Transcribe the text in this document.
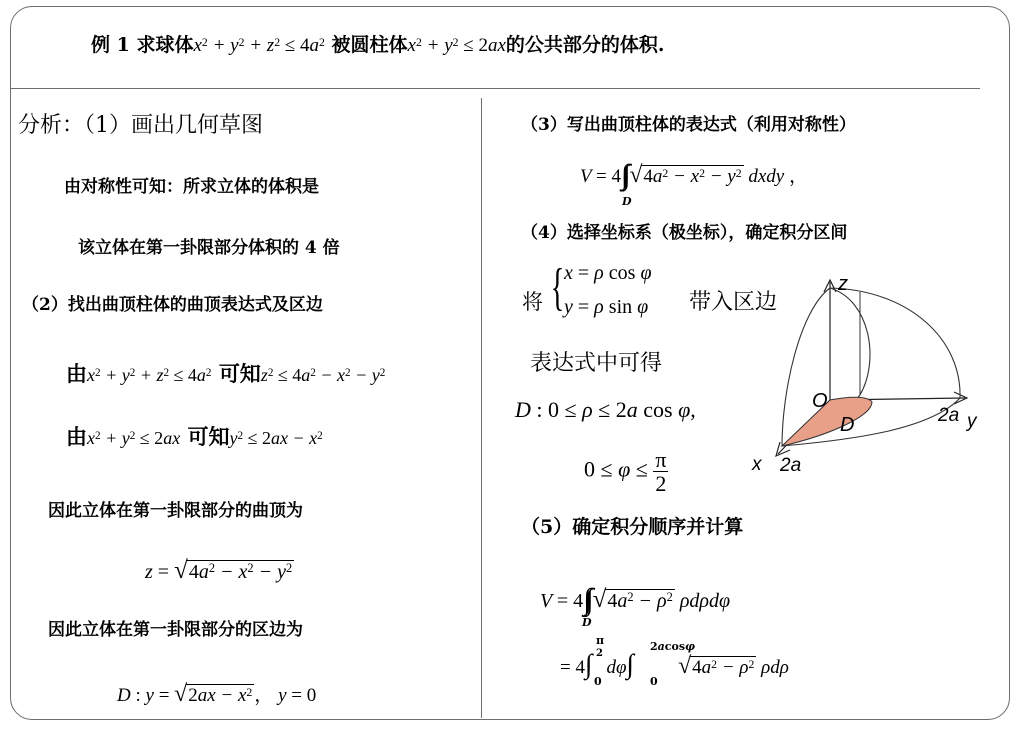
例 1 求球体$x^2 + y^2 + z^2 \le 4a^2$ 被圆柱体$x^2 + y^2 \le 2ax$的公共部分的体积.
分析：（1）画出几何草图
由对称性可知：所求立体的体积是
该立体在第一卦限部分体积的 4 倍
（2）找出曲顶柱体的曲顶表达式及区边
由$x^2 + y^2 + z^2 \le 4a^2$ 可知$z^2 \le 4a^2 - x^2 - y^2$
由$x^2 + y^2 \le 2ax$ 可知$y^2 \le 2ax - x^2$
因此立体在第一卦限部分的曲顶为
$z = √4a^2 - x^2 - y^2$
因此立体在第一卦限部分的区边为
D : $y = √2ax - x^2$ ， y = 0
（3）写出曲顶柱体的表达式（利用对称性）
V = 4∫∫ $√4a^2 - x^2 - y^2$ dxdy ，
D
（4）选择坐标系（极坐标），确定积分区间
将 { x = ρ cos φ
y = ρ sin φ 带入区边
表达式中可得
D : 0 ≤ ρ ≤ 2a cos φ,
$0 \le \varphi \le \frac{\pi}{2}$
（5）确定积分顺序并计算
V = 4∫∫ $√4a^2 - \rho^2$ ρdρdφ
D
= 4∫ dφ∫ $√4a^2 - \rho^2$ ρdρ
π
2
0
2acosφ
0
z
O
D	2a y
x 2a
